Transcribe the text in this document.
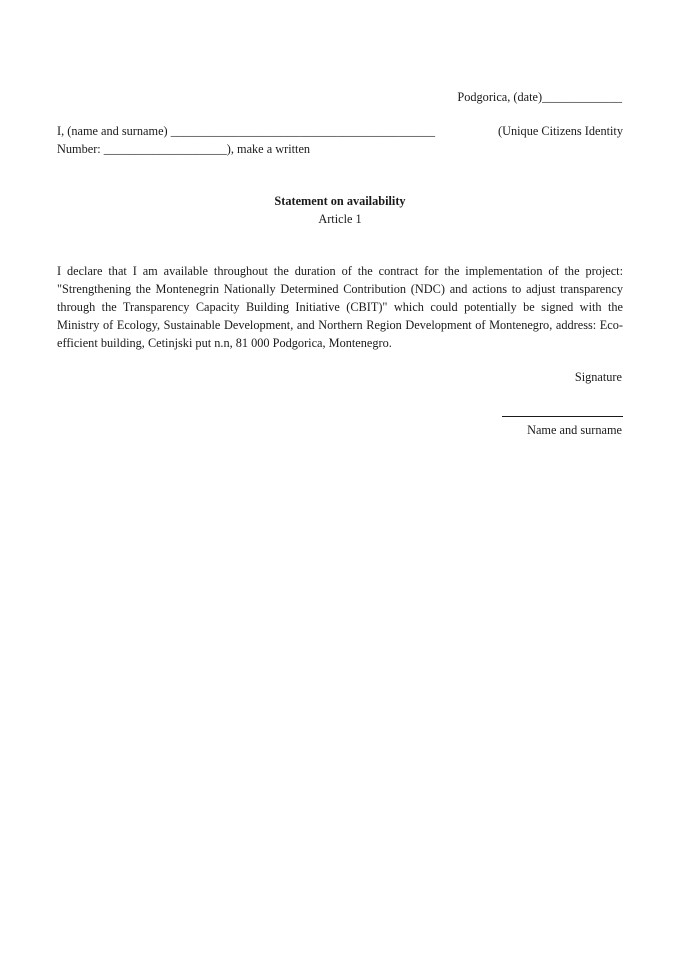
Podgorica, (date)_____________
I, (name and surname) ___________________________________________	(Unique Citizens Identity
Number: ____________________), make a written
Statement on availability
Article 1

I declare that I am available throughout the duration of the contract for the implementation of the project: "Strengthening the Montenegrin Nationally Determined Contribution (NDC) and actions to adjust transparency through the Transparency Capacity Building Initiative (CBIT)" which could potentially be signed with the Ministry of Ecology, Sustainable Development, and Northern Region Development of Montenegro, address: Eco-efficient building, Cetinjski put n.n, 81 000 Podgorica, Montenegro.

Signature
Name and surname
